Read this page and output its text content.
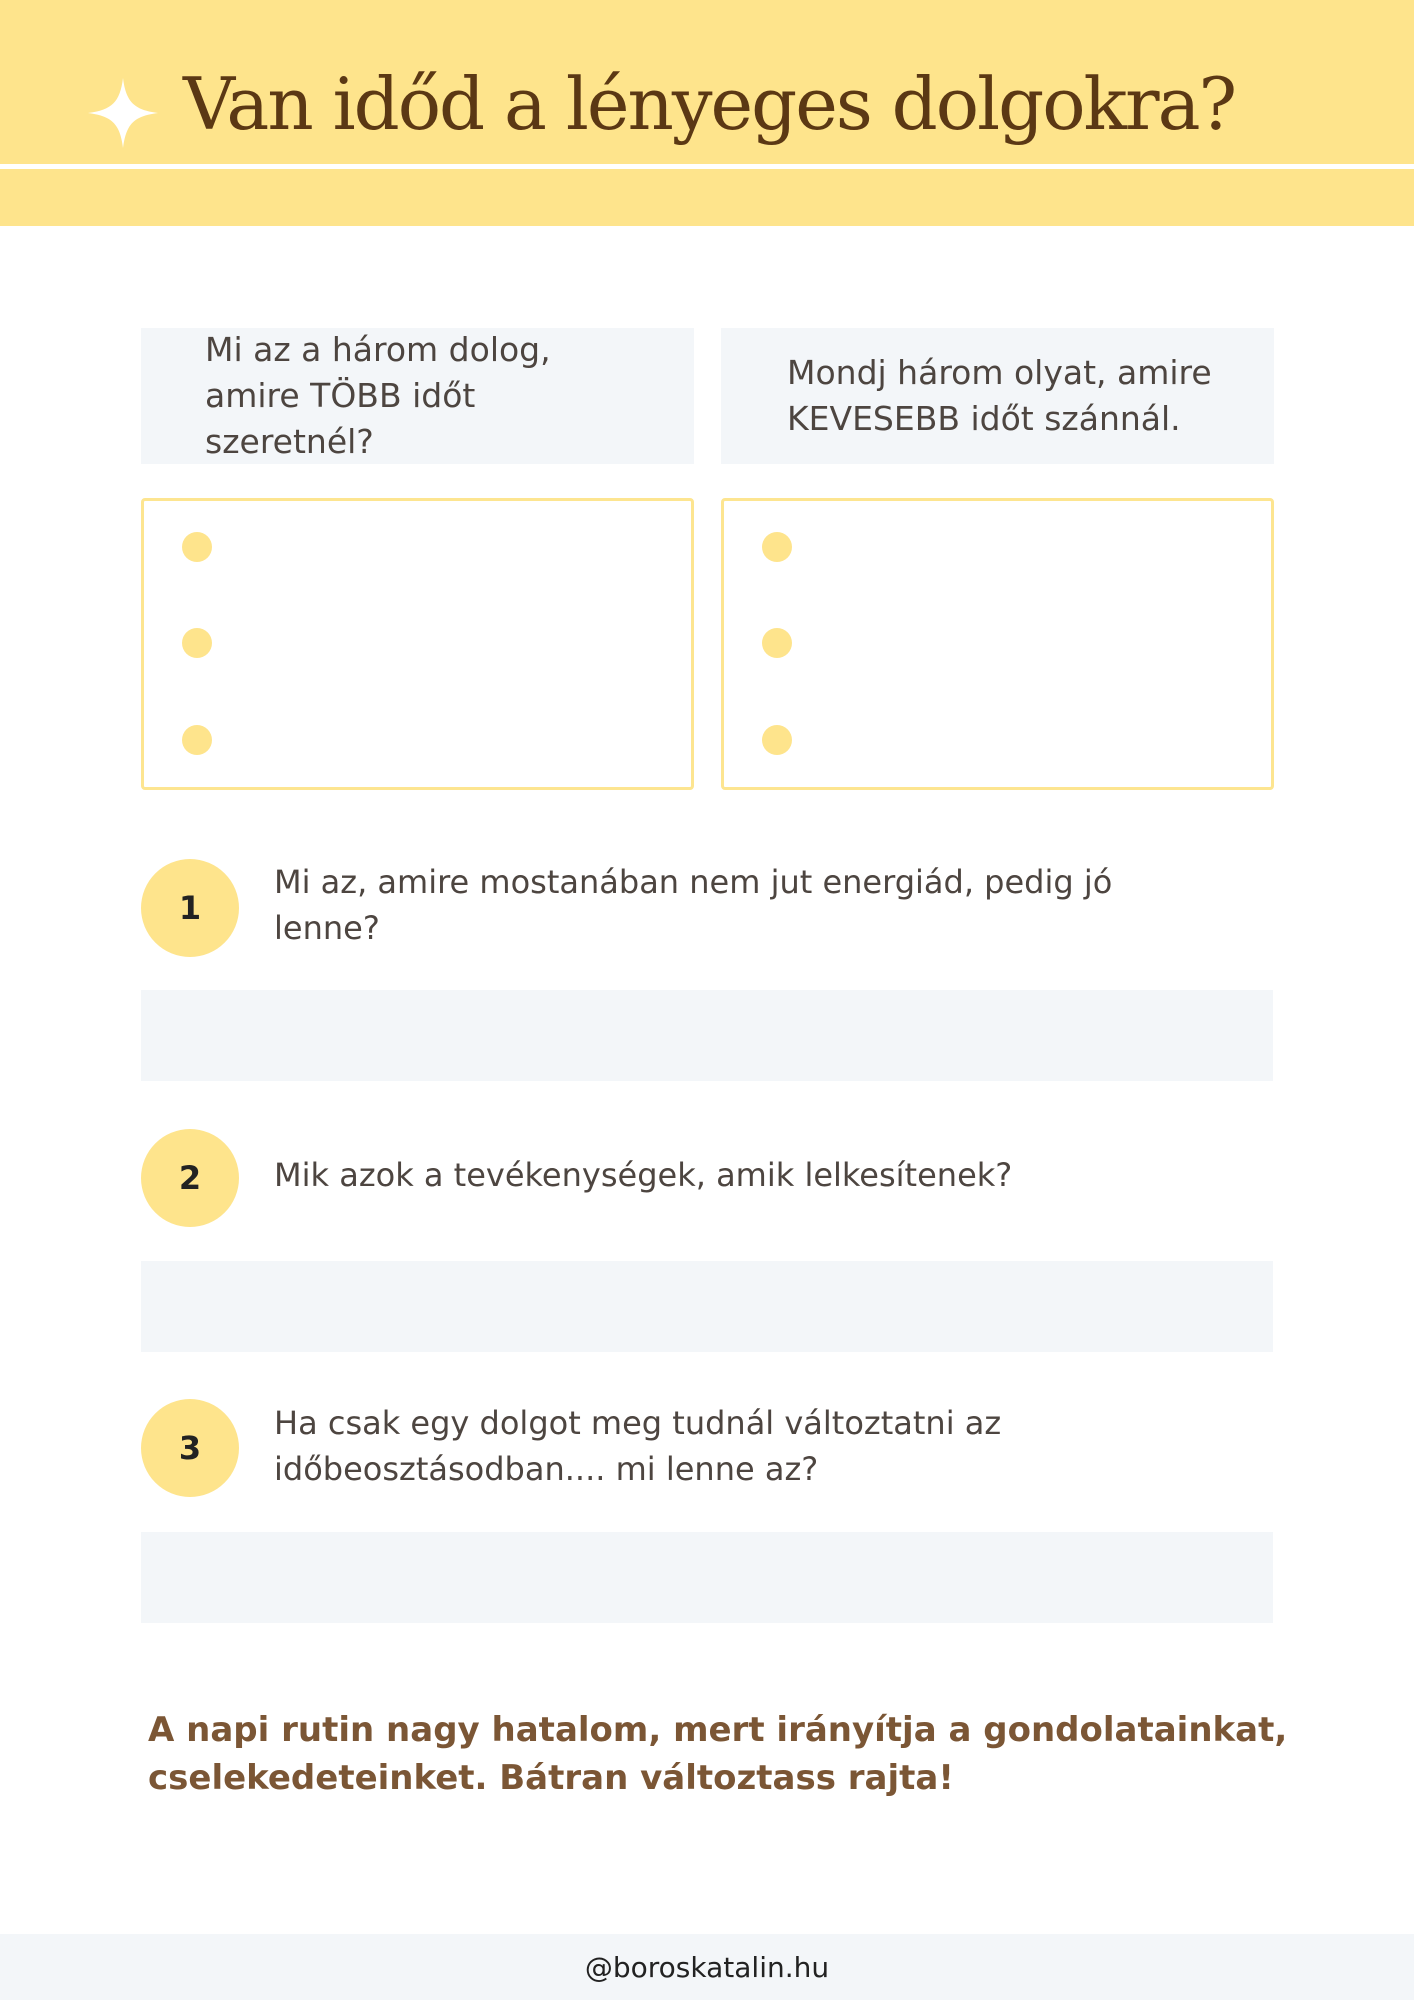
Van időd a lényeges dolgokra?
Mi az a három dolog,
amire TÖBB időt
szeretnél?
Mondj három olyat, amire
KEVESEBB időt szánnál.
1

Mi az, amire mostanában nem jut energiád, pedig jó
lenne?

2	Mik azok a tevékenységek, amik lelkesítenek?

3

Ha csak egy dolgot meg tudnál változtatni az
időbeosztásodban.... mi lenne az?

A napi rutin nagy hatalom, mert irányítja a gondolatainkat,
cselekedeteinket. Bátran változtass rajta!

@boroskatalin.hu
